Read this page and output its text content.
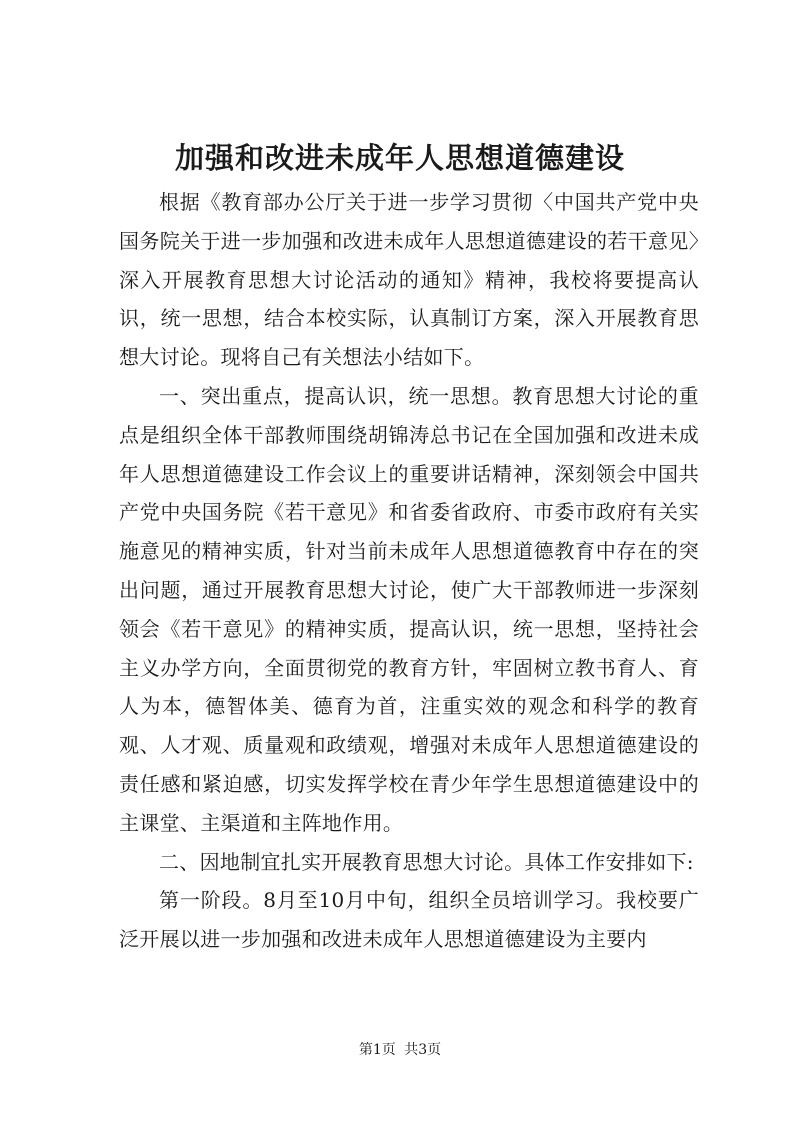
加强和改进未成年人思想道德建设

根据《教育部办公厅关于进一步学习贯彻〈中国共产党中央国务院关于进一步加强和改进未成年人思想道德建设的若干意见〉深入开展教育思想大讨论活动的通知》精神，我校将要提高认识，统一思想，结合本校实际，认真制订方案，深入开展教育思想大讨论。现将自己有关想法小结如下。

一、突出重点，提高认识，统一思想。教育思想大讨论的重点是组织全体干部教师围绕胡锦涛总书记在全国加强和改进未成年人思想道德建设工作会议上的重要讲话精神，深刻领会中国共产党中央国务院《若干意见》和省委省政府、市委市政府有关实施意见的精神实质，针对当前未成年人思想道德教育中存在的突出问题，通过开展教育思想大讨论，使广大干部教师进一步深刻领会《若干意见》的精神实质，提高认识，统一思想，坚持社会主义办学方向，全面贯彻党的教育方针，牢固树立教书育人、育人为本，德智体美、德育为首，注重实效的观念和科学的教育观、人才观、质量观和政绩观，增强对未成年人思想道德建设的责任感和紧迫感，切实发挥学校在青少年学生思想道德建设中的主课堂、主渠道和主阵地作用。

二、因地制宜扎实开展教育思想大讨论。具体工作安排如下:

第一阶段。8月至10月中旬，组织全员培训学习。我校要广泛开展以进一步加强和改进未成年人思想道德建设为主要内

第1页 共3页
